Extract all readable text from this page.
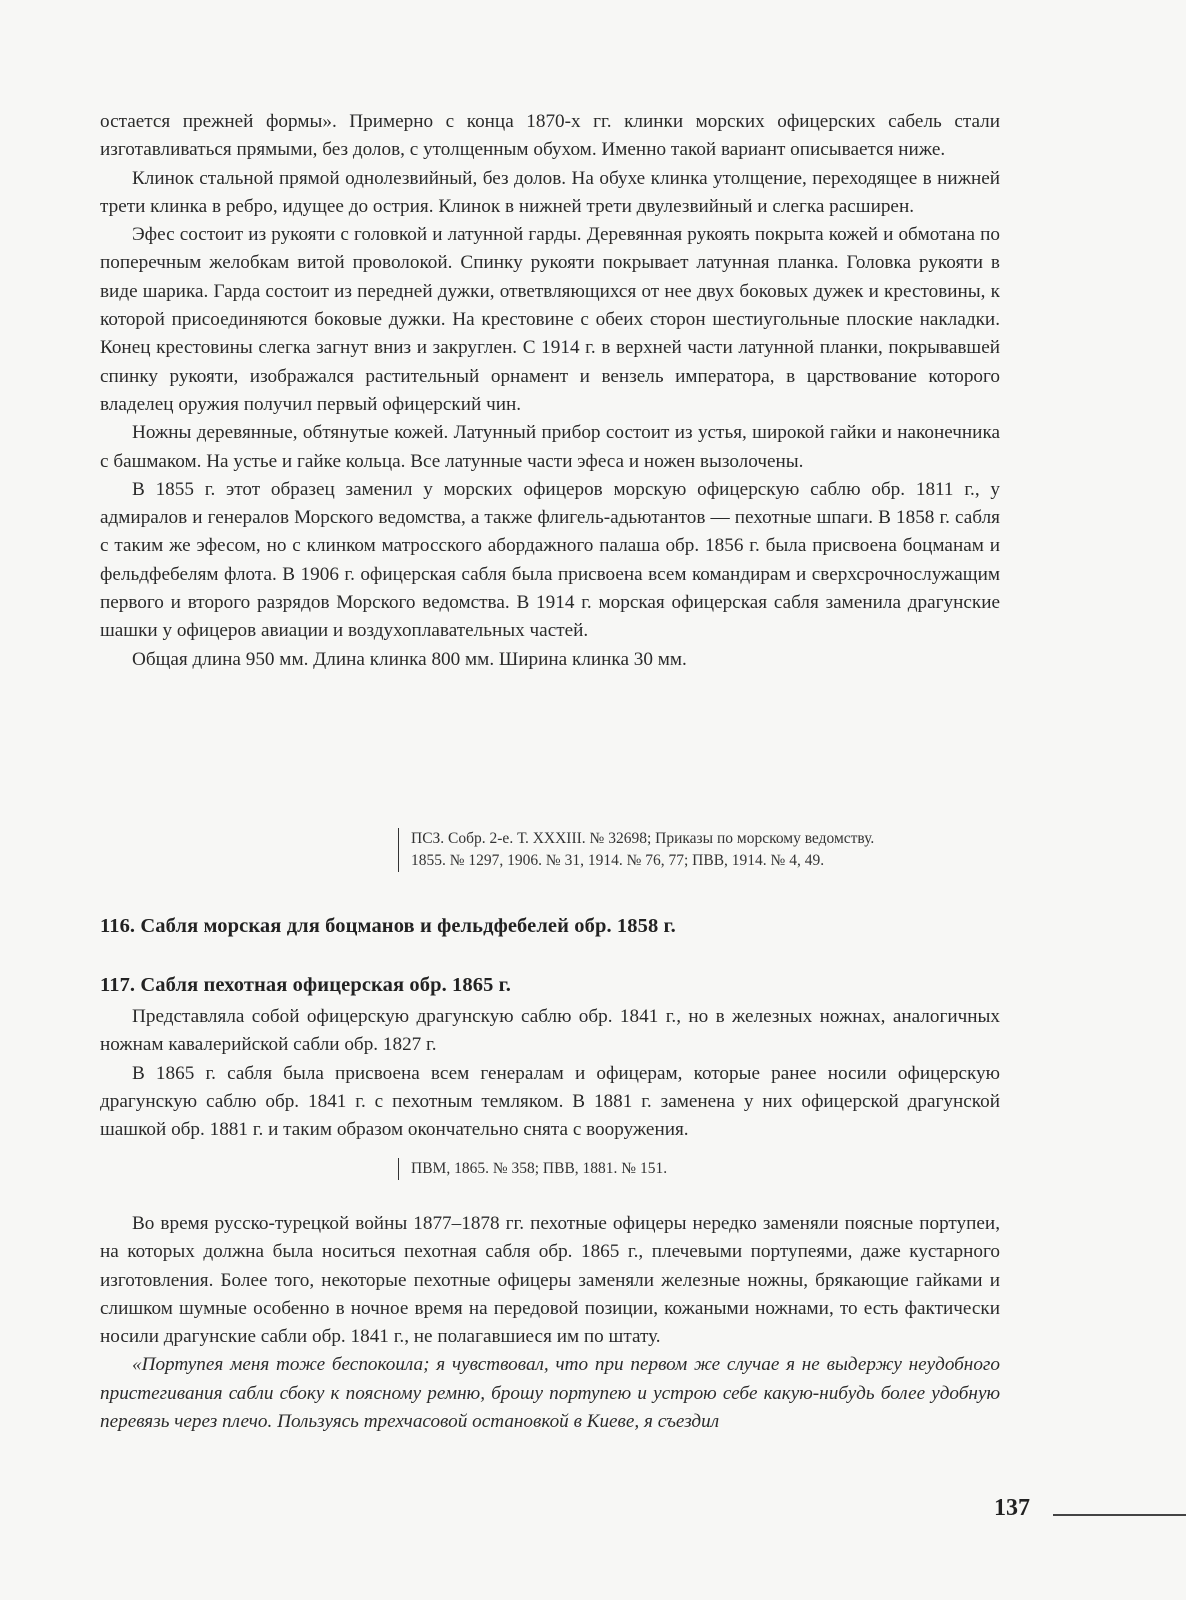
остается прежней формы». Примерно с конца 1870-х гг. клинки морских офицерских сабель стали изготавливаться прямыми, без долов, с утолщенным обухом. Именно такой вариант описывается ниже.

Клинок стальной прямой однолезвийный, без долов. На обухе клинка утолщение, переходящее в нижней трети клинка в ребро, идущее до острия. Клинок в нижней трети двулезвийный и слегка расширен.

Эфес состоит из рукояти с головкой и латунной гарды. Деревянная рукоять покрыта кожей и обмотана по поперечным желобкам витой проволокой. Спинку рукояти покрывает латунная планка. Головка рукояти в виде шарика. Гарда состоит из передней дужки, ответвляющихся от нее двух боковых дужек и крестовины, к которой присоединяются боковые дужки. На крестовине с обеих сторон шестиугольные плоские накладки. Конец крестовины слегка загнут вниз и закруглен. С 1914 г. в верхней части латунной планки, покрывавшей спинку рукояти, изображался растительный орнамент и вензель императора, в царствование которого владелец оружия получил первый офицерский чин.

Ножны деревянные, обтянутые кожей. Латунный прибор состоит из устья, широкой гайки и наконечника с башмаком. На устье и гайке кольца. Все латунные части эфеса и ножен вызолочены.

В 1855 г. этот образец заменил у морских офицеров морскую офицерскую саблю обр. 1811 г., у адмиралов и генералов Морского ведомства, а также флигель-адьютантов — пехотные шпаги. В 1858 г. сабля с таким же эфесом, но с клинком матросского абордажного палаша обр. 1856 г. была присвоена боцманам и фельдфебелям флота. В 1906 г. офицерская сабля была присвоена всем командирам и сверхсрочнослужащим первого и второго разрядов Морского ведомства. В 1914 г. морская офицерская сабля заменила драгунские шашки у офицеров авиации и воздухоплавательных частей.

Общая длина 950 мм. Длина клинка 800 мм. Ширина клинка 30 мм.

ПСЗ. Собр. 2-е. Т. XXXIII. № 32698; Приказы по морскому ведомству.
1855. № 1297, 1906. № 31, 1914. № 76, 77; ПВВ, 1914. № 4, 49.
116. Сабля морская для боцманов и фельдфебелей обр. 1858 г.
117. Сабля пехотная офицерская обр. 1865 г.

Представляла собой офицерскую драгунскую саблю обр. 1841 г., но в железных ножнах, аналогичных ножнам кавалерийской сабли обр. 1827 г.

В 1865 г. сабля была присвоена всем генералам и офицерам, которые ранее носили офицерскую драгунскую саблю обр. 1841 г. с пехотным темляком. В 1881 г. заменена у них офицерской драгунской шашкой обр. 1881 г. и таким образом окончательно снята с вооружения.

ПВМ, 1865. № 358; ПВВ, 1881. № 151.

Во время русско-турецкой войны 1877–1878 гг. пехотные офицеры нередко заменяли поясные портупеи, на которых должна была носиться пехотная сабля обр. 1865 г., плечевыми портупеями, даже кустарного изготовления. Более того, некоторые пехотные офицеры заменяли железные ножны, брякающие гайками и слишком шумные особенно в ночное время на передовой позиции, кожаными ножнами, то есть фактически носили драгунские сабли обр. 1841 г., не полагавшиеся им по штату.

«Портупея меня тоже беспокоила; я чувствовал, что при первом же случае я не выдержу неудобного пристегивания сабли сбоку к поясному ремню, брошу портупею и устрою себе какую-нибудь более удобную перевязь через плечо. Пользуясь трехчасовой остановкой в Киеве, я съездил

137
